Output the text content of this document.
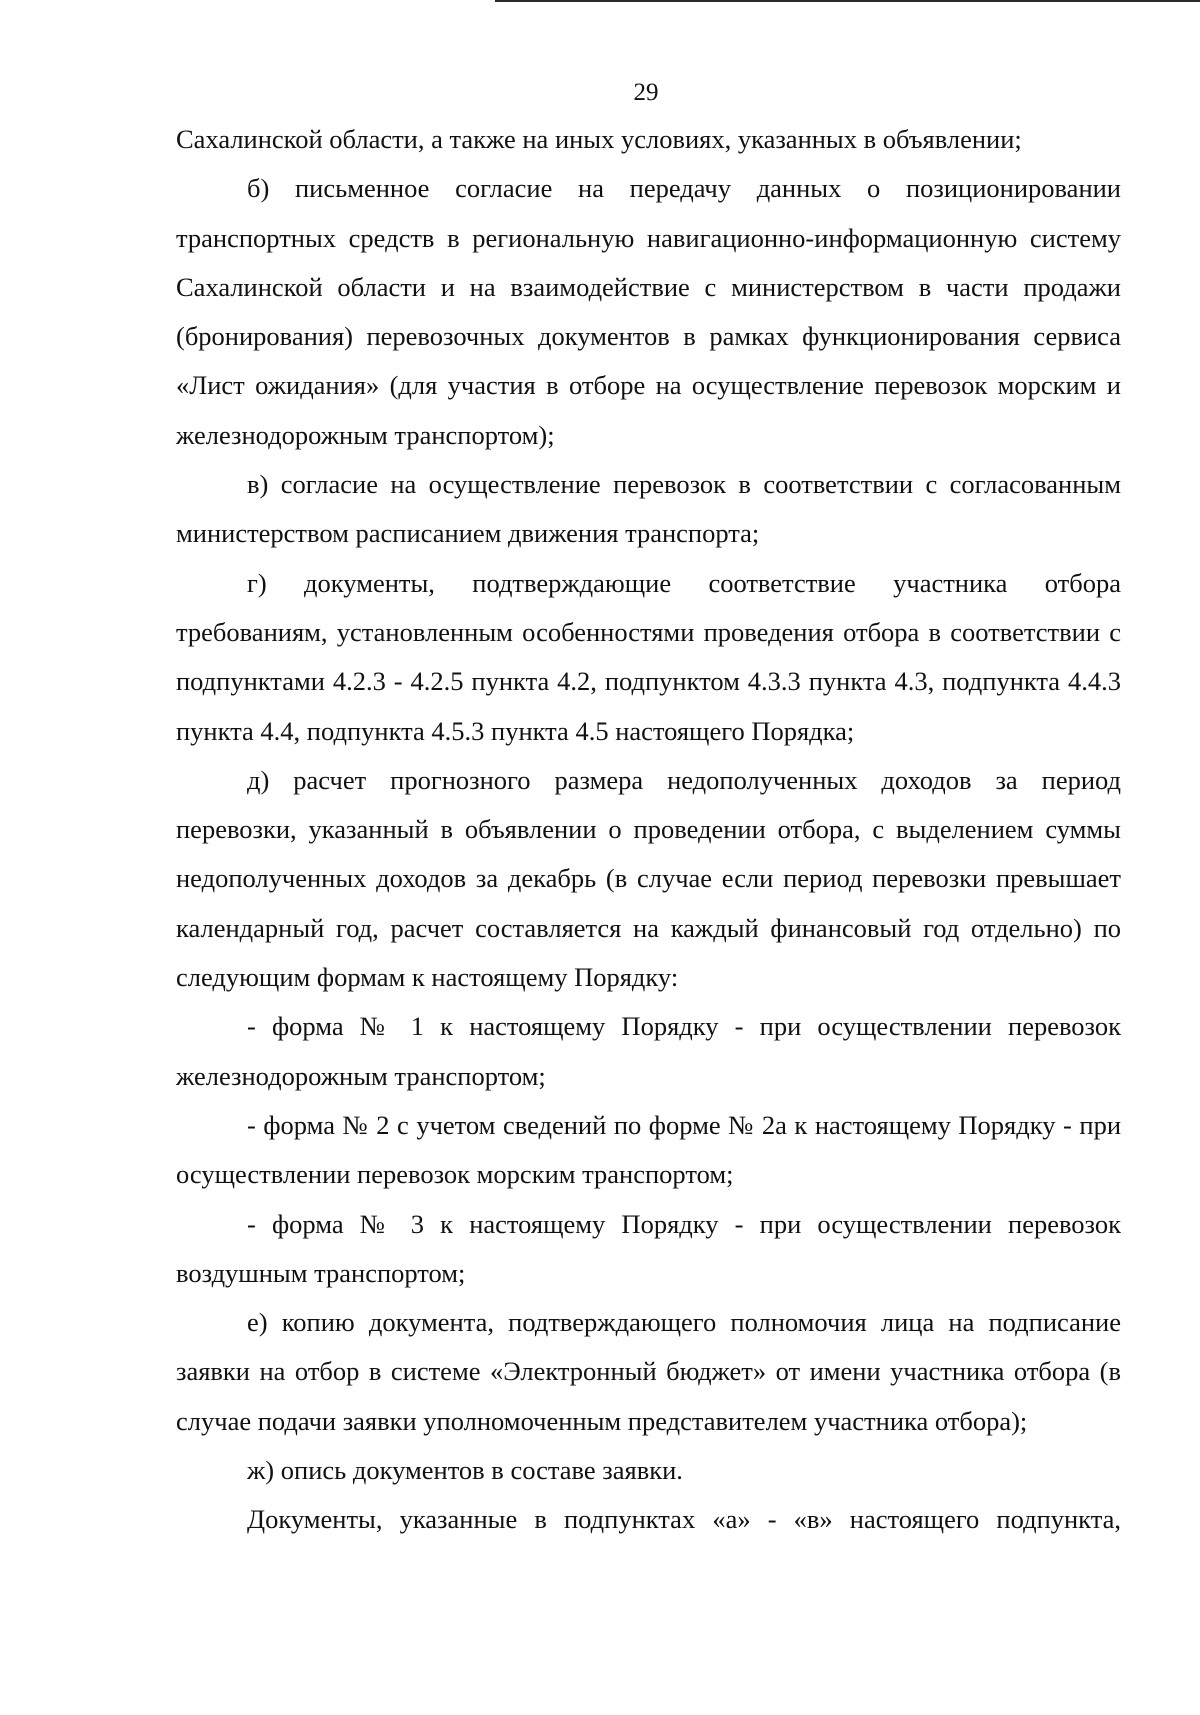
29

Сахалинской области, а также на иных условиях, указанных в объявлении;

б) письменное согласие на передачу данных о позиционировании транспортных средств в региональную навигационно-информационную систему Сахалинской области и на взаимодействие с министерством в части продажи (бронирования) перевозочных документов в рамках функционирования сервиса «Лист ожидания» (для участия в отборе на осуществление перевозок морским и железнодорожным транспортом);

в) согласие на осуществление перевозок в соответствии с согласованным министерством расписанием движения транспорта;

г) документы, подтверждающие соответствие участника отбора требованиям, установленным особенностями проведения отбора в соответствии с подпунктами 4.2.3 - 4.2.5 пункта 4.2, подпунктом 4.3.3 пункта 4.3, подпункта 4.4.3 пункта 4.4, подпункта 4.5.3 пункта 4.5 настоящего Порядка;

д) расчет прогнозного размера недополученных доходов за период перевозки, указанный в объявлении о проведении отбора, с выделением суммы недополученных доходов за декабрь (в случае если период перевозки превышает календарный год, расчет составляется на каждый финансовый год отдельно) по следующим формам к настоящему Порядку:

- форма № 1 к настоящему Порядку - при осуществлении перевозок железнодорожным транспортом;

- форма № 2 с учетом сведений по форме № 2а к настоящему Порядку - при осуществлении перевозок морским транспортом;

- форма № 3 к настоящему Порядку - при осуществлении перевозок воздушным транспортом;

е) копию документа, подтверждающего полномочия лица на подписание заявки на отбор в системе «Электронный бюджет» от имени участника отбора (в случае подачи заявки уполномоченным представителем участника отбора);

ж) опись документов в составе заявки.

Документы, указанные в подпунктах «а» - «в» настоящего подпункта,
